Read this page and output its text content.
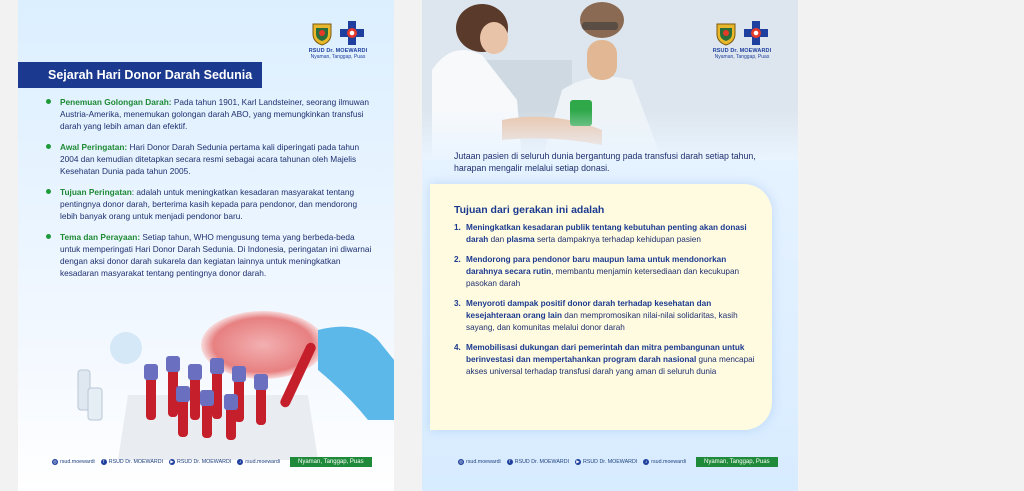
RSUD Dr. MOEWARDI
Nyaman, Tanggap, Puas
Sejarah Hari Donor Darah Sedunia
Penemuan Golongan Darah: Pada tahun 1901, Karl Landsteiner, seorang ilmuwan Austria-Amerika, menemukan golongan darah ABO, yang memungkinkan transfusi darah yang lebih aman dan efektif.
Awal Peringatan: Hari Donor Darah Sedunia pertama kali diperingati pada tahun 2004 dan kemudian ditetapkan secara resmi sebagai acara tahunan oleh Majelis Kesehatan Dunia pada tahun 2005.
Tujuan Peringatan: adalah untuk meningkatkan kesadaran masyarakat tentang pentingnya donor darah, berterima kasih kepada para pendonor, dan mendorong lebih banyak orang untuk menjadi pendonor baru.
Tema dan Perayaan: Setiap tahun, WHO mengusung tema yang berbeda-beda untuk memperingati Hari Donor Darah Sedunia. Di Indonesia, peringatan ini diwarnai dengan aksi donor darah sukarela dan kegiatan lainnya untuk meningkatkan kesadaran masyarakat tentang pentingnya donor darah.
◎ rsud.moewardi	f RSUD Dr. MOEWARDI ▶ RSUD Dr. MOEWARDI	♪ rsud.moewardi	Nyaman, Tanggap, Puas
RSUD Dr. MOEWARDI
Nyaman, Tanggap, Puas
Jutaan pasien di seluruh dunia bergantung pada transfusi darah setiap tahun, harapan mengalir melalui setiap donasi.
Tujuan dari gerakan ini adalah
1. Meningkatkan kesadaran publik tentang kebutuhan penting akan donasi darah dan plasma serta dampaknya terhadap kehidupan pasien
2. Mendorong para pendonor baru maupun lama untuk mendonorkan darahnya secara rutin, membantu menjamin ketersediaan dan kecukupan pasokan darah
3. Menyoroti dampak positif donor darah terhadap kesehatan dan kesejahteraan orang lain dan mempromosikan nilai-nilai solidaritas, kasih sayang, dan komunitas melalui donor darah
4. Memobilisasi dukungan dari pemerintah dan mitra pembangunan untuk berinvestasi dan mempertahankan program darah nasional guna mencapai akses universal terhadap transfusi darah yang aman di seluruh dunia
◎ rsud.moewardi	f RSUD Dr. MOEWARDI ▶ RSUD Dr. MOEWARDI	♪ rsud.moewardi	Nyaman, Tanggap, Puas
